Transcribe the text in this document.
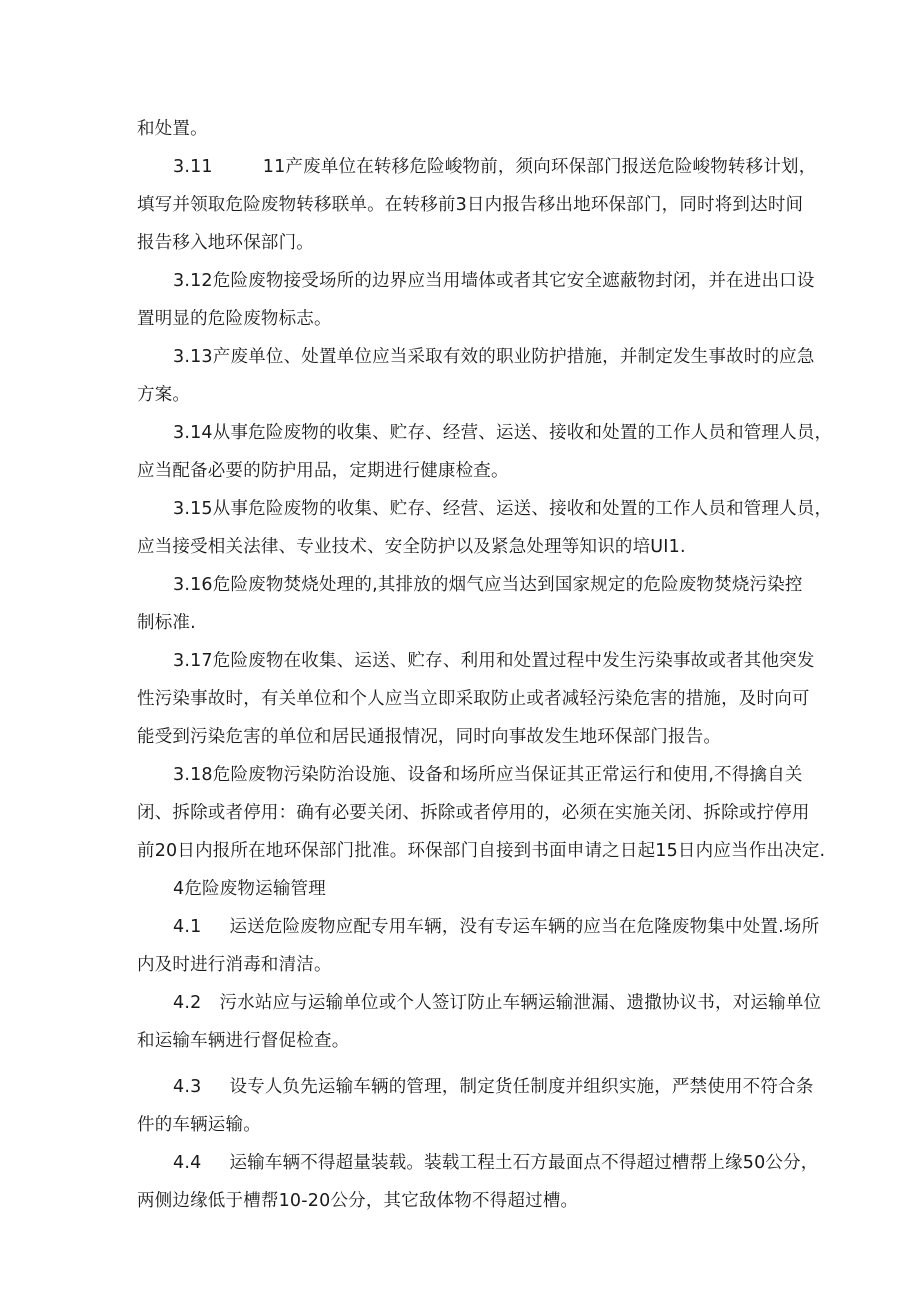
和处置。
3.11	11产废单位在转移危险峻物前，须向环保部门报送危险峻物转移计划，
填写并领取危险废物转移联单。在转移前3日内报告移出地环保部门，同时将到达时间
报告移入地环保部门。
3.12危险废物接受场所的边界应当用墙体或者其它安全遮蔽物封闭，并在进出口设
置明显的危险废物标志。
3.13产废单位、处置单位应当采取有效的职业防护措施，并制定发生事故时的应急
方案。
3.14从事危险废物的收集、贮存、经营、运送、接收和处置的工作人员和管理人员，
应当配备必要的防护用品，定期进行健康检查。
3.15从事危险废物的收集、贮存、经营、运送、接收和处置的工作人员和管理人员，
应当接受相关法律、专业技术、安全防护以及紧急处理等知识的培UI1.
3.16危险废物焚烧处理的,其排放的烟气应当达到国家规定的危险废物焚烧污染控
制标准.
3.17危险废物在收集、运送、贮存、利用和处置过程中发生污染事故或者其他突发
性污染事故时，有关单位和个人应当立即采取防止或者减轻污染危害的措施，及时向可
能受到污染危害的单位和居民通报情况，同时向事故发生地环保部门报告。
3.18危险废物污染防治设施、设备和场所应当保证其正常运行和使用,不得擒自关
闭、拆除或者停用：确有必要关闭、拆除或者停用的，必须在实施关闭、拆除或拧停用
前20日内报所在地环保部门批准。环保部门自接到书面申请之日起15日内应当作出决定.
4危险废物运输管理
4.1 运送危险废物应配专用车辆，没有专运车辆的应当在危隆废物集中处置.场所
内及时进行消毒和清洁。
4.2 污水站应与运输单位或个人签订防止车辆运输泄漏、遗撒协议书，对运输单位
和运输车辆进行督促检查。
4.3 设专人负先运输车辆的管理，制定货任制度并组织实施，严禁使用不符合条
件的车辆运输。
4.4 运输车辆不得超量装载。装载工程土石方最面点不得超过槽帮上缘50公分，
两侧边缘低于槽帮10-20公分，其它敌体物不得超过槽。
